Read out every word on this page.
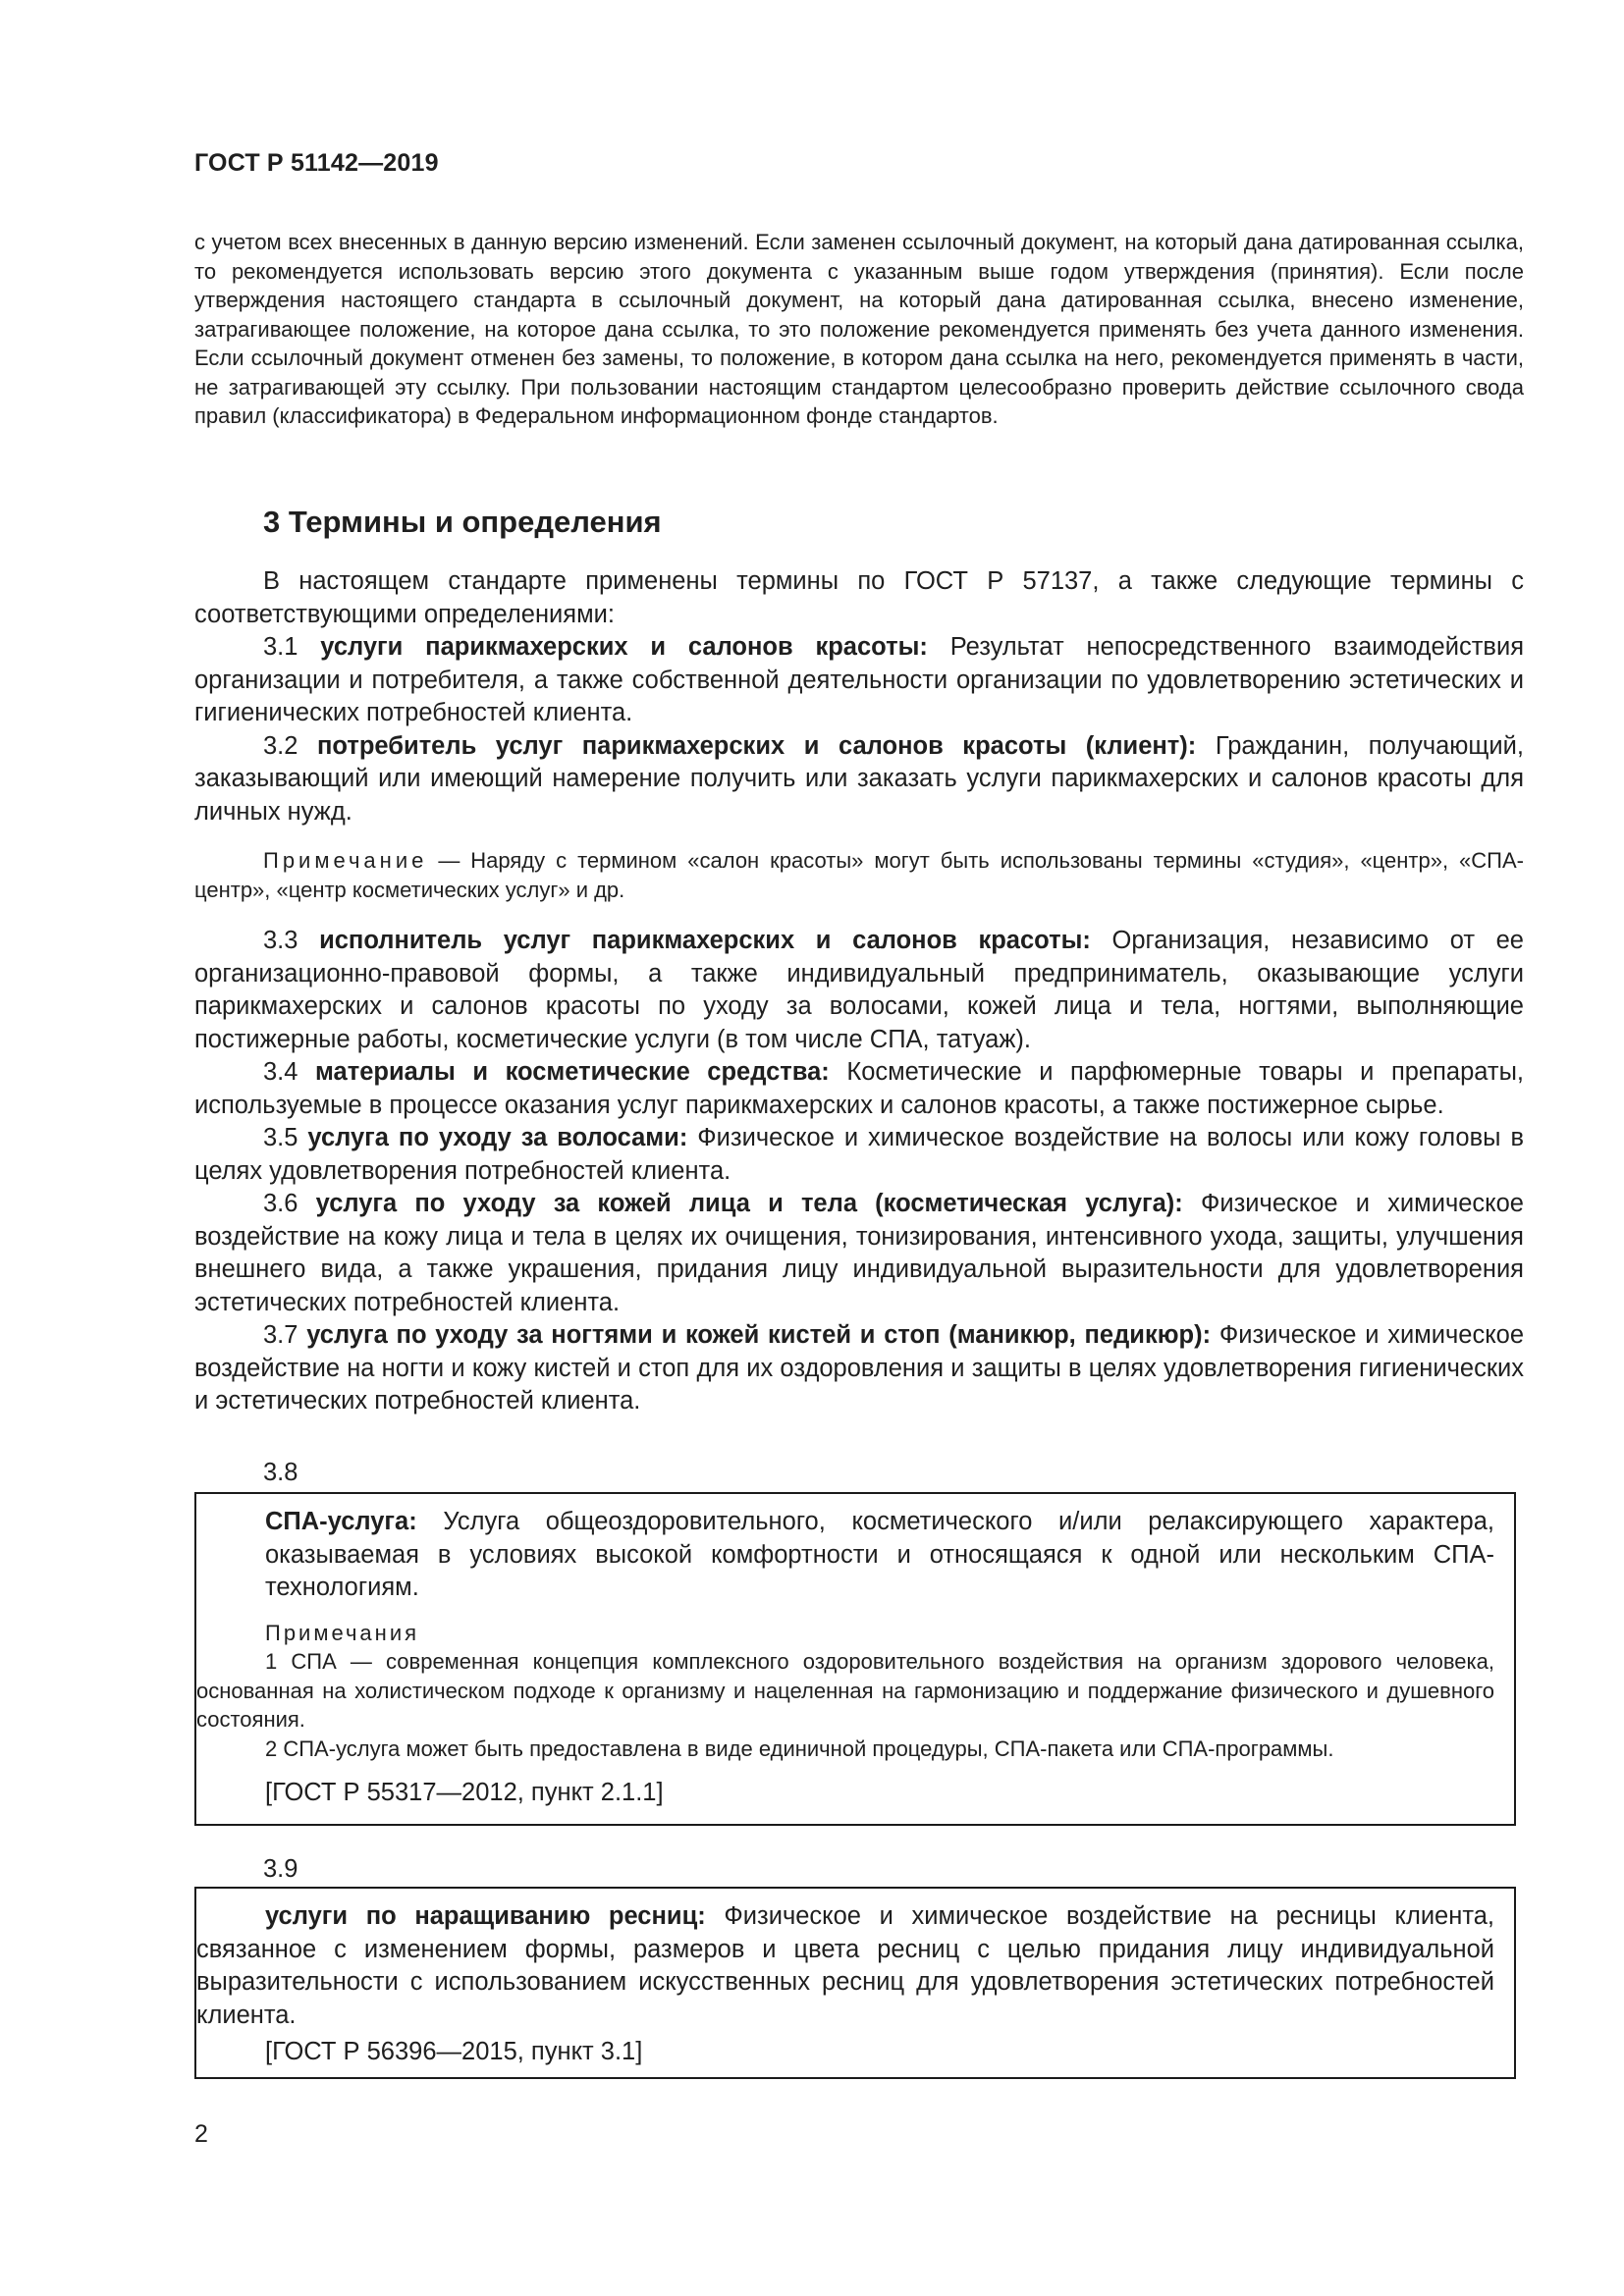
ГОСТ Р 51142—2019
с учетом всех внесенных в данную версию изменений. Если заменен ссылочный документ, на который дана датированная ссылка, то рекомендуется использовать версию этого документа с указанным выше годом утверждения (принятия). Если после утверждения настоящего стандарта в ссылочный документ, на который дана датированная ссылка, внесено изменение, затрагивающее положение, на которое дана ссылка, то это положение рекомендуется применять без учета данного изменения. Если ссылочный документ отменен без замены, то положение, в котором дана ссылка на него, рекомендуется применять в части, не затрагивающей эту ссылку. При пользовании настоящим стандартом целесообразно проверить действие ссылочного свода правил (классификатора) в Федеральном информационном фонде стандартов.
3 Термины и определения

В настоящем стандарте применены термины по ГОСТ Р 57137, а также следующие термины с соответствующими определениями:

3.1 услуги парикмахерских и салонов красоты: Результат непосредственного взаимодействия организации и потребителя, а также собственной деятельности организации по удовлетворению эстетических и гигиенических потребностей клиента.

3.2 потребитель услуг парикмахерских и салонов красоты (клиент): Гражданин, получающий, заказывающий или имеющий намерение получить или заказать услуги парикмахерских и салонов красоты для личных нужд.

Примечание — Наряду с термином «салон красоты» могут быть использованы термины «студия», «центр», «СПА-центр», «центр косметических услуг» и др.

3.3 исполнитель услуг парикмахерских и салонов красоты: Организация, независимо от ее организационно-правовой формы, а также индивидуальный предприниматель, оказывающие услуги парикмахерских и салонов красоты по уходу за волосами, кожей лица и тела, ногтями, выполняющие постижерные работы, косметические услуги (в том числе СПА, татуаж).

3.4 материалы и косметические средства: Косметические и парфюмерные товары и препараты, используемые в процессе оказания услуг парикмахерских и салонов красоты, а также постижерное сырье.

3.5 услуга по уходу за волосами: Физическое и химическое воздействие на волосы или кожу головы в целях удовлетворения потребностей клиента.

3.6 услуга по уходу за кожей лица и тела (косметическая услуга): Физическое и химическое воздействие на кожу лица и тела в целях их очищения, тонизирования, интенсивного ухода, защиты, улучшения внешнего вида, а также украшения, придания лицу индивидуальной выразительности для удовлетворения эстетических потребностей клиента.

3.7 услуга по уходу за ногтями и кожей кистей и стоп (маникюр, педикюр): Физическое и химическое воздействие на ногти и кожу кистей и стоп для их оздоровления и защиты в целях удовлетворения гигиенических и эстетических потребностей клиента.

3.8

СПА-услуга: Услуга общеоздоровительного, косметического и/или релаксирующего характера, оказываемая в условиях высокой комфортности и относящаяся к одной или нескольким СПА-технологиям.

Примечания

1 СПА — современная концепция комплексного оздоровительного воздействия на организм здорового человека, основанная на холистическом подходе к организму и нацеленная на гармонизацию и поддержание физического и душевного состояния.

2 СПА-услуга может быть предоставлена в виде единичной процедуры, СПА-пакета или СПА-программы.

[ГОСТ Р 55317—2012, пункт 2.1.1]

3.9

услуги по наращиванию ресниц: Физическое и химическое воздействие на ресницы клиента, связанное с изменением формы, размеров и цвета ресниц с целью придания лицу индивидуальной выразительности с использованием искусственных ресниц для удовлетворения эстетических потребностей клиента.

[ГОСТ Р 56396—2015, пункт 3.1]

2
